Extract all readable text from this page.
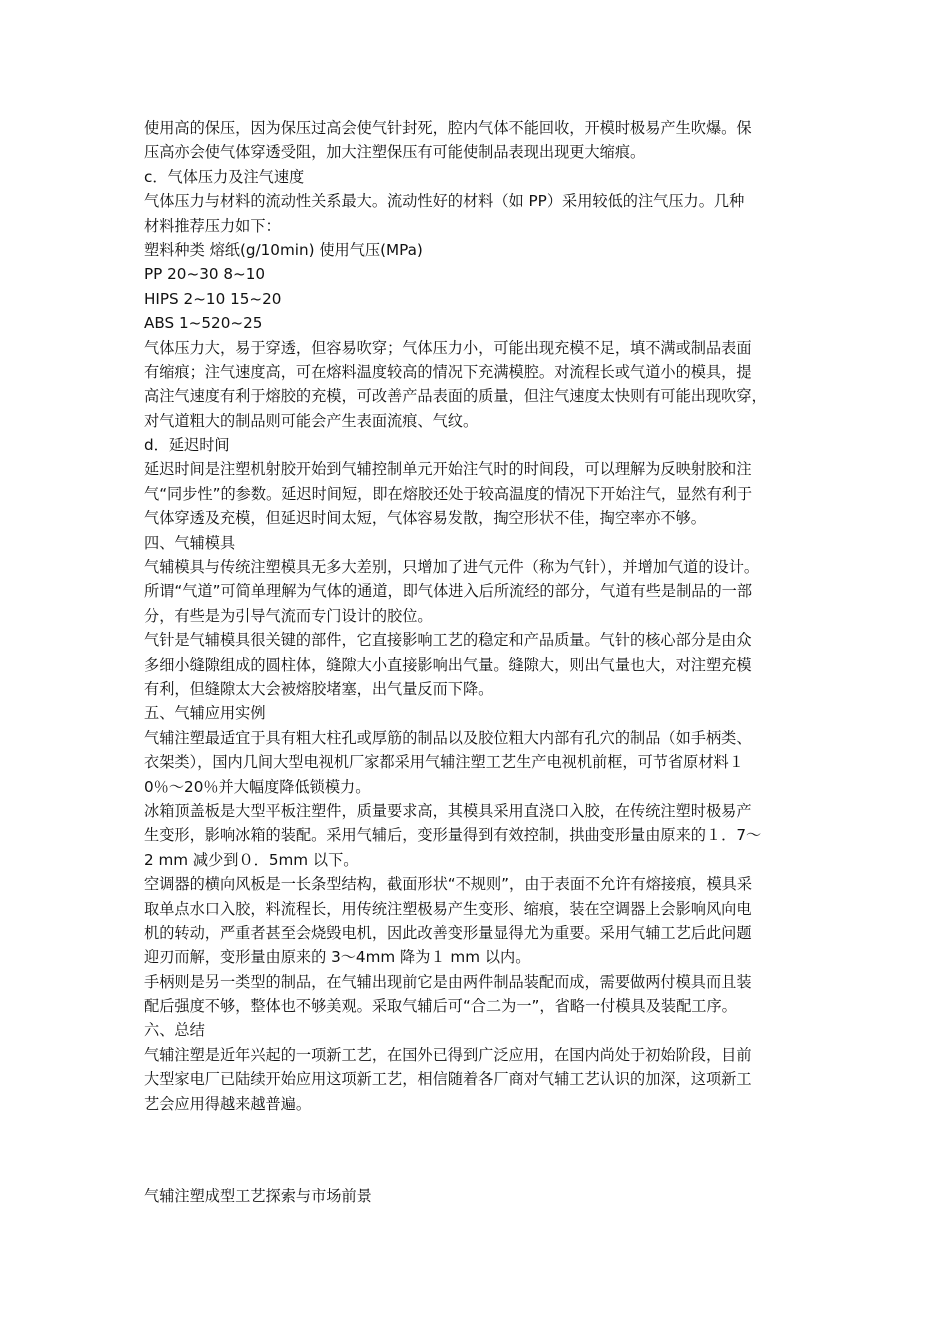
使用高的保压，因为保压过高会使气针封死，腔内气体不能回收，开模时极易产生吹爆。保
压高亦会使气体穿透受阻，加大注塑保压有可能使制品表现出现更大缩痕。
c．气体压力及注气速度
气体压力与材料的流动性关系最大。流动性好的材料（如 PP）采用较低的注气压力。几种
材料推荐压力如下：
塑料种类 熔纸(g/10min) 使用气压(MPa)
PP 20~30 8~10
HIPS 2~10 15~20
ABS 1~520~25
气体压力大，易于穿透，但容易吹穿；气体压力小，可能出现充模不足，填不满或制品表面
有缩痕；注气速度高，可在熔料温度较高的情况下充满模腔。对流程长或气道小的模具，提
高注气速度有利于熔胶的充模，可改善产品表面的质量，但注气速度太快则有可能出现吹穿，
对气道粗大的制品则可能会产生表面流痕、气纹。
d．延迟时间
延迟时间是注塑机射胶开始到气辅控制单元开始注气时的时间段，可以理解为反映射胶和注
气“同步性”的参数。延迟时间短，即在熔胶还处于较高温度的情况下开始注气，显然有利于
气体穿透及充模，但延迟时间太短，气体容易发散，掏空形状不佳，掏空率亦不够。
四、气辅模具
气辅模具与传统注塑模具无多大差别，只增加了进气元件（称为气针），并增加气道的设计。
所谓“气道”可简单理解为气体的通道，即气体进入后所流经的部分，气道有些是制品的一部
分，有些是为引导气流而专门设计的胶位。
气针是气辅模具很关键的部件，它直接影响工艺的稳定和产品质量。气针的核心部分是由众
多细小缝隙组成的圆柱体，缝隙大小直接影响出气量。缝隙大，则出气量也大，对注塑充模
有利，但缝隙太大会被熔胶堵塞，出气量反而下降。
五、气辅应用实例
气辅注塑最适宜于具有粗大柱孔或厚筋的制品以及胶位粗大内部有孔穴的制品（如手柄类、
衣架类），国内几间大型电视机厂家都采用气辅注塑工艺生产电视机前框，可节省原材料１
0％～20％并大幅度降低锁模力。
冰箱顶盖板是大型平板注塑件，质量要求高，其模具采用直浇口入胶，在传统注塑时极易产
生变形，影响冰箱的装配。采用气辅后，变形量得到有效控制，拱曲变形量由原来的１．7～
2 mm 减少到０．5mm 以下。
空调器的横向风板是一长条型结构，截面形状“不规则”，由于表面不允许有熔接痕，模具采
取单点水口入胶，料流程长，用传统注塑极易产生变形、缩痕，装在空调器上会影响风向电
机的转动，严重者甚至会烧毁电机，因此改善变形量显得尤为重要。采用气辅工艺后此问题
迎刃而解，变形量由原来的 3～4mm 降为１ mm 以内。
手柄则是另一类型的制品，在气辅出现前它是由两件制品装配而成，需要做两付模具而且装
配后强度不够，整体也不够美观。采取气辅后可“合二为一”，省略一付模具及装配工序。
六、总结
气辅注塑是近年兴起的一项新工艺，在国外已得到广泛应用，在国内尚处于初始阶段，目前
大型家电厂已陆续开始应用这项新工艺，相信随着各厂商对气辅工艺认识的加深，这项新工
艺会应用得越来越普遍。
气辅注塑成型工艺探索与市场前景
